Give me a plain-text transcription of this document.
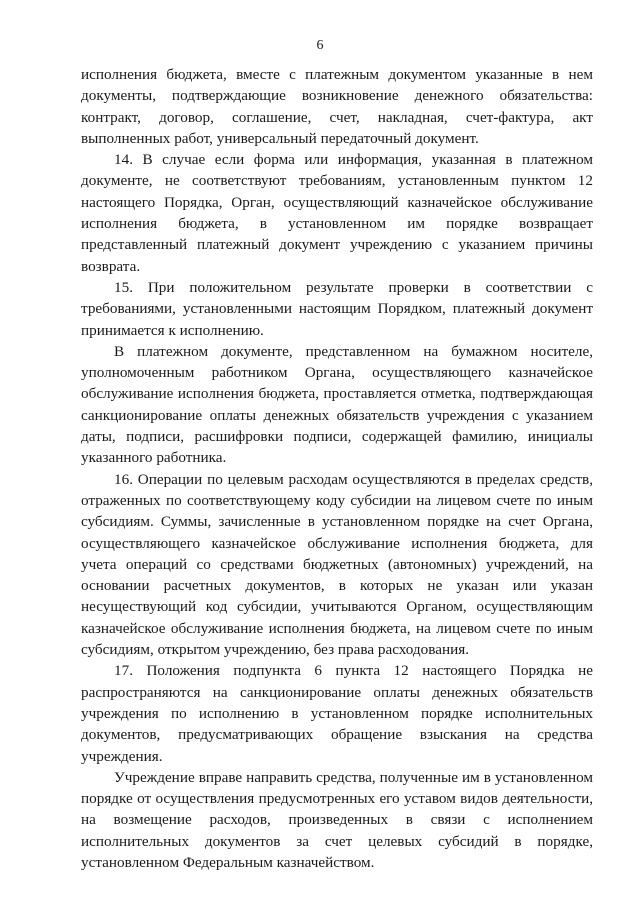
6

исполнения бюджета, вместе с платежным документом указанные в нем документы, подтверждающие возникновение денежного обязательства: контракт, договор, соглашение, счет, накладная, счет-фактура, акт выполненных работ, универсальный передаточный документ.

14. В случае если форма или информация, указанная в платежном документе, не соответствуют требованиям, установленным пунктом 12 настоящего Порядка, Орган, осуществляющий казначейское обслуживание исполнения бюджета, в установленном им порядке возвращает представленный платежный документ учреждению с указанием причины возврата.

15. При положительном результате проверки в соответствии с требованиями, установленными настоящим Порядком, платежный документ принимается к исполнению.

В платежном документе, представленном на бумажном носителе, уполномоченным работником Органа, осуществляющего казначейское обслуживание исполнения бюджета, проставляется отметка, подтверждающая санкционирование оплаты денежных обязательств учреждения с указанием даты, подписи, расшифровки подписи, содержащей фамилию, инициалы указанного работника.

16. Операции по целевым расходам осуществляются в пределах средств, отраженных по соответствующему коду субсидии на лицевом счете по иным субсидиям. Суммы, зачисленные в установленном порядке на счет Органа, осуществляющего казначейское обслуживание исполнения бюджета, для учета операций со средствами бюджетных (автономных) учреждений, на основании расчетных документов, в которых не указан или указан несуществующий код субсидии, учитываются Органом, осуществляющим казначейское обслуживание исполнения бюджета, на лицевом счете по иным субсидиям, открытом учреждению, без права расходования.

17. Положения подпункта 6 пункта 12 настоящего Порядка не распространяются на санкционирование оплаты денежных обязательств учреждения по исполнению в установленном порядке исполнительных документов, предусматривающих обращение взыскания на средства учреждения.

Учреждение вправе направить средства, полученные им в установленном порядке от осуществления предусмотренных его уставом видов деятельности, на возмещение расходов, произведенных в связи с исполнением исполнительных документов за счет целевых субсидий в порядке, установленном Федеральным казначейством.
